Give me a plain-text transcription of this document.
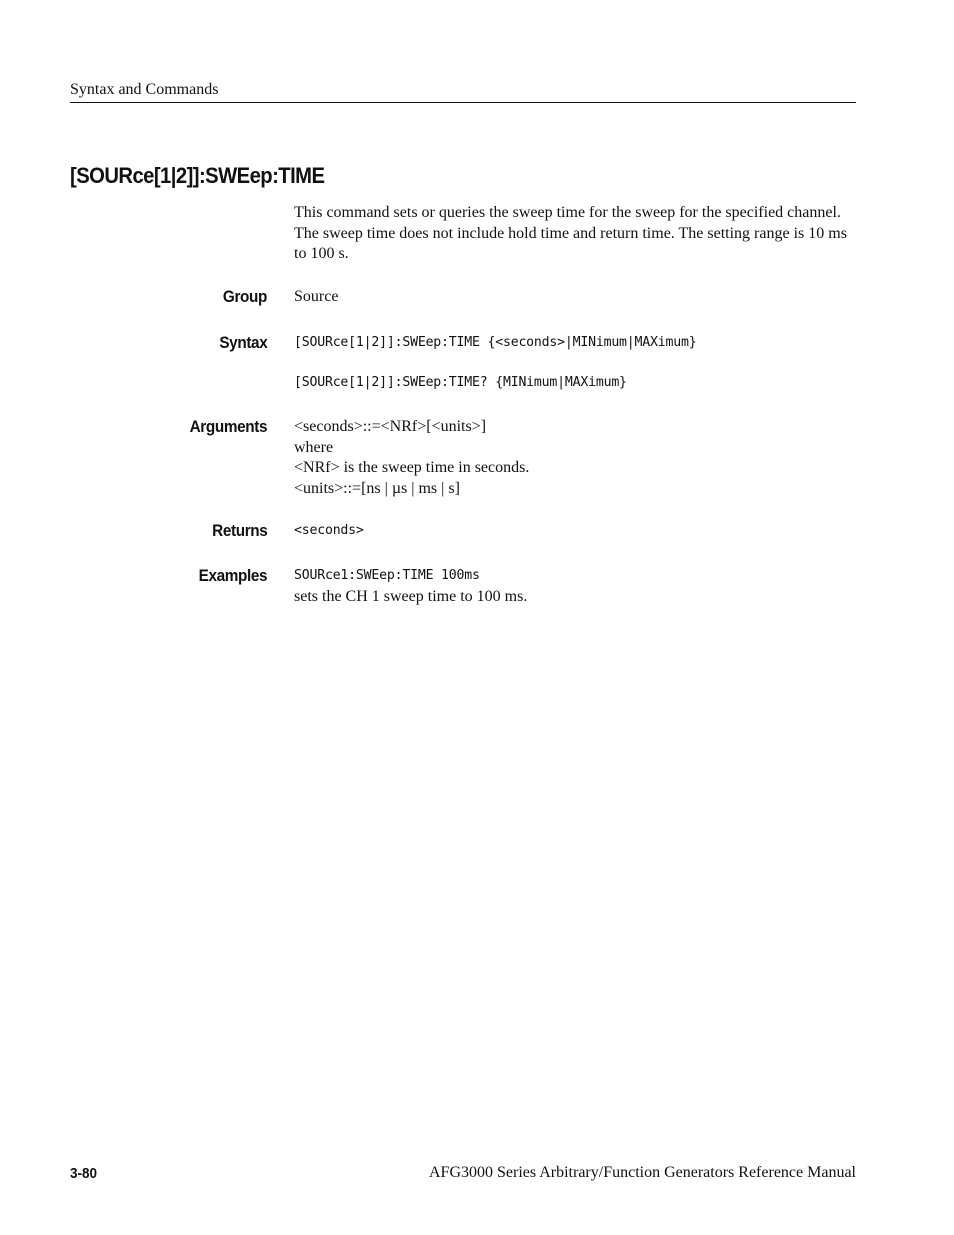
Syntax and Commands
[SOURce[1|2]]:SWEep:TIME

This command sets or queries the sweep time for the sweep for the specified channel. The sweep time does not include hold time and return time. The setting range is 10 ms to 100 s.

Group Source
Syntax [SOURce[1|2]]:SWEep:TIME {<seconds>|MINimum|MAXimum}
[SOURce[1|2]]:SWEep:TIME? {MINimum|MAXimum}
Arguments <seconds>::=<NRf>[<units>]
where
<NRf> is the sweep time in seconds.
<units>::=[ns | µs | ms | s]
Returns <seconds>
Examples SOURce1:SWEep:TIME 100ms
sets the CH 1 sweep time to 100 ms.
3-80	AFG3000 Series Arbitrary/Function Generators Reference Manual
